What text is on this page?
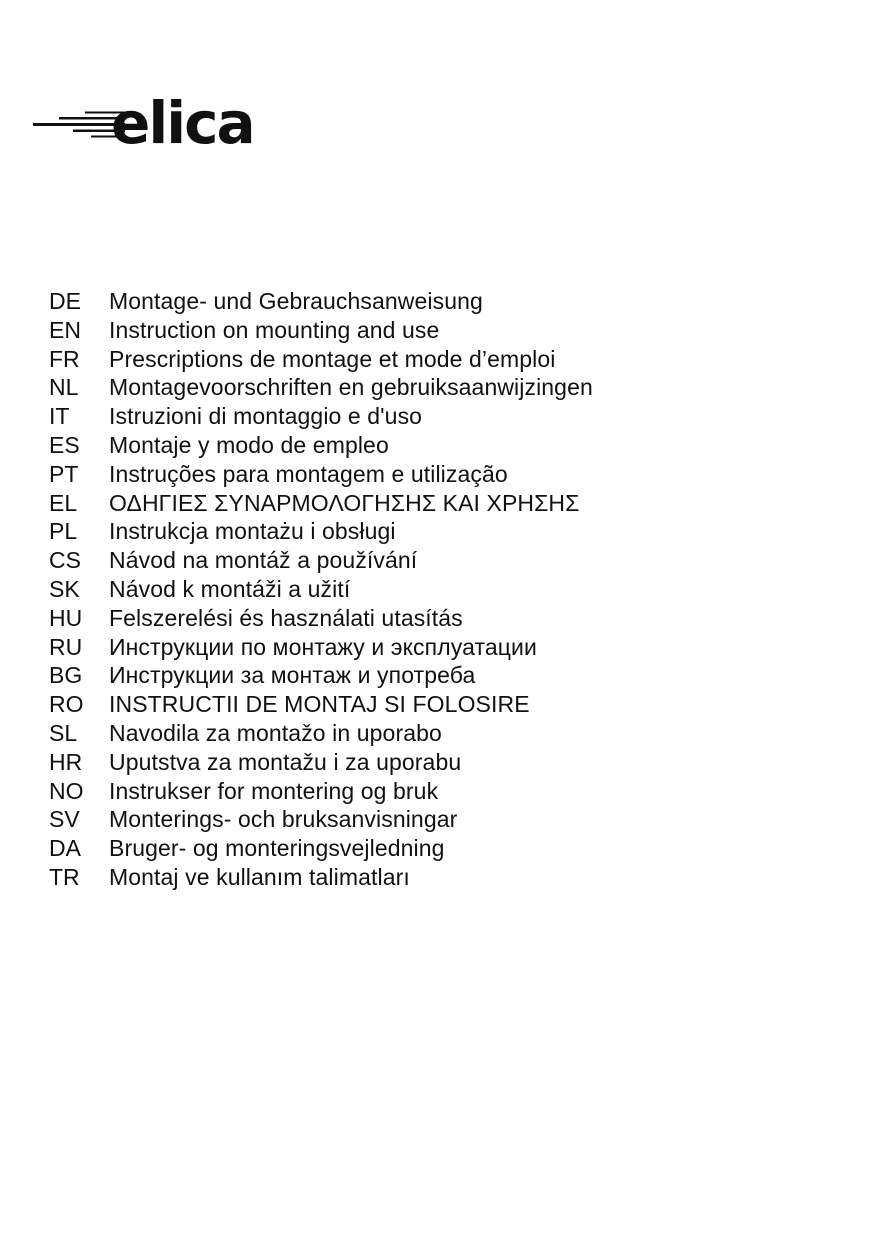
elica
DE	Montage- und Gebrauchsanweisung
EN	Instruction on mounting and use
FR	Prescriptions de montage et mode d’emploi
NL	Montagevoorschriften en gebruiksaanwijzingen
IT	Istruzioni di montaggio e d'uso
ES	Montaje y modo de empleo
PT	Instruções para montagem e utilização
EL	ΟΔΗΓΙΕΣ ΣΥΝΑΡΜΟΛΟΓΗΣΗΣ ΚΑΙ ΧΡΗΣΗΣ
PL	Instrukcja montażu i obsługi
CS	Návod na montáž a používání
SK	Návod k montáži a užití
HU	Felszerelési és használati utasítás
RU	Инструкции по монтажу и эксплуатации
BG	Инструкции за монтаж и употреба
RO	INSTRUCTII DE MONTAJ SI FOLOSIRE
SL	Navodila za montažo in uporabo
HR	Uputstva za montažu i za uporabu
NO	Instrukser for montering og bruk
SV	Monterings- och bruksanvisningar
DA	Bruger- og monteringsvejledning
TR	Montaj ve kullanım talimatları
